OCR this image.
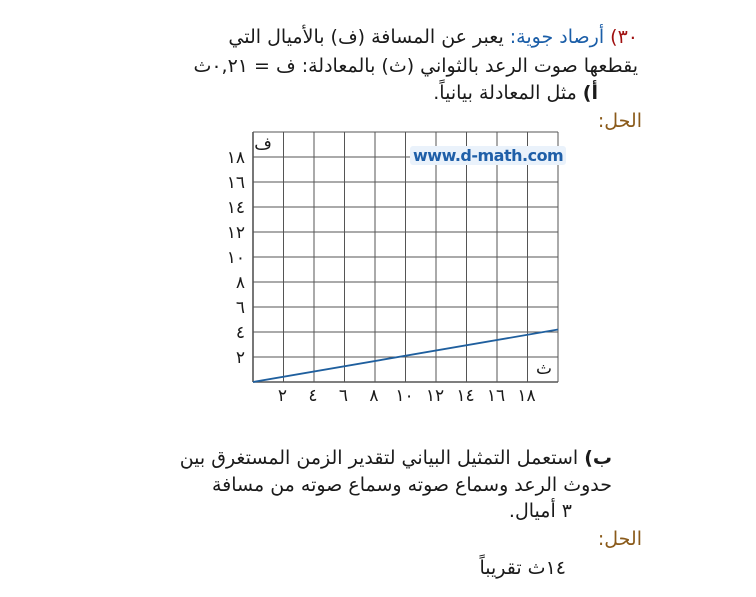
٣٠) أرصاد جوية: يعبر عن المسافة (ف) بالأميال التي
يقطعها صوت الرعد بالثواني (ث) بالمعادلة: ف = ٠,٢١ث
أ) مثل المعادلة بيانياً.
الحل:
٢
٤
٦
٨
١٠
١٢
١٤
١٦
١٨
٢ ٤ ٦ ٨ ١٠ ١٢ ١٤ ١٦ ١٨
ف
ث
www.d-math.com
ب) استعمل التمثيل البياني لتقدير الزمن المستغرق بين
حدوث الرعد وسماع صوته وسماع صوته من مسافة
٣ أميال.
الحل:
١٤ث تقريباً
